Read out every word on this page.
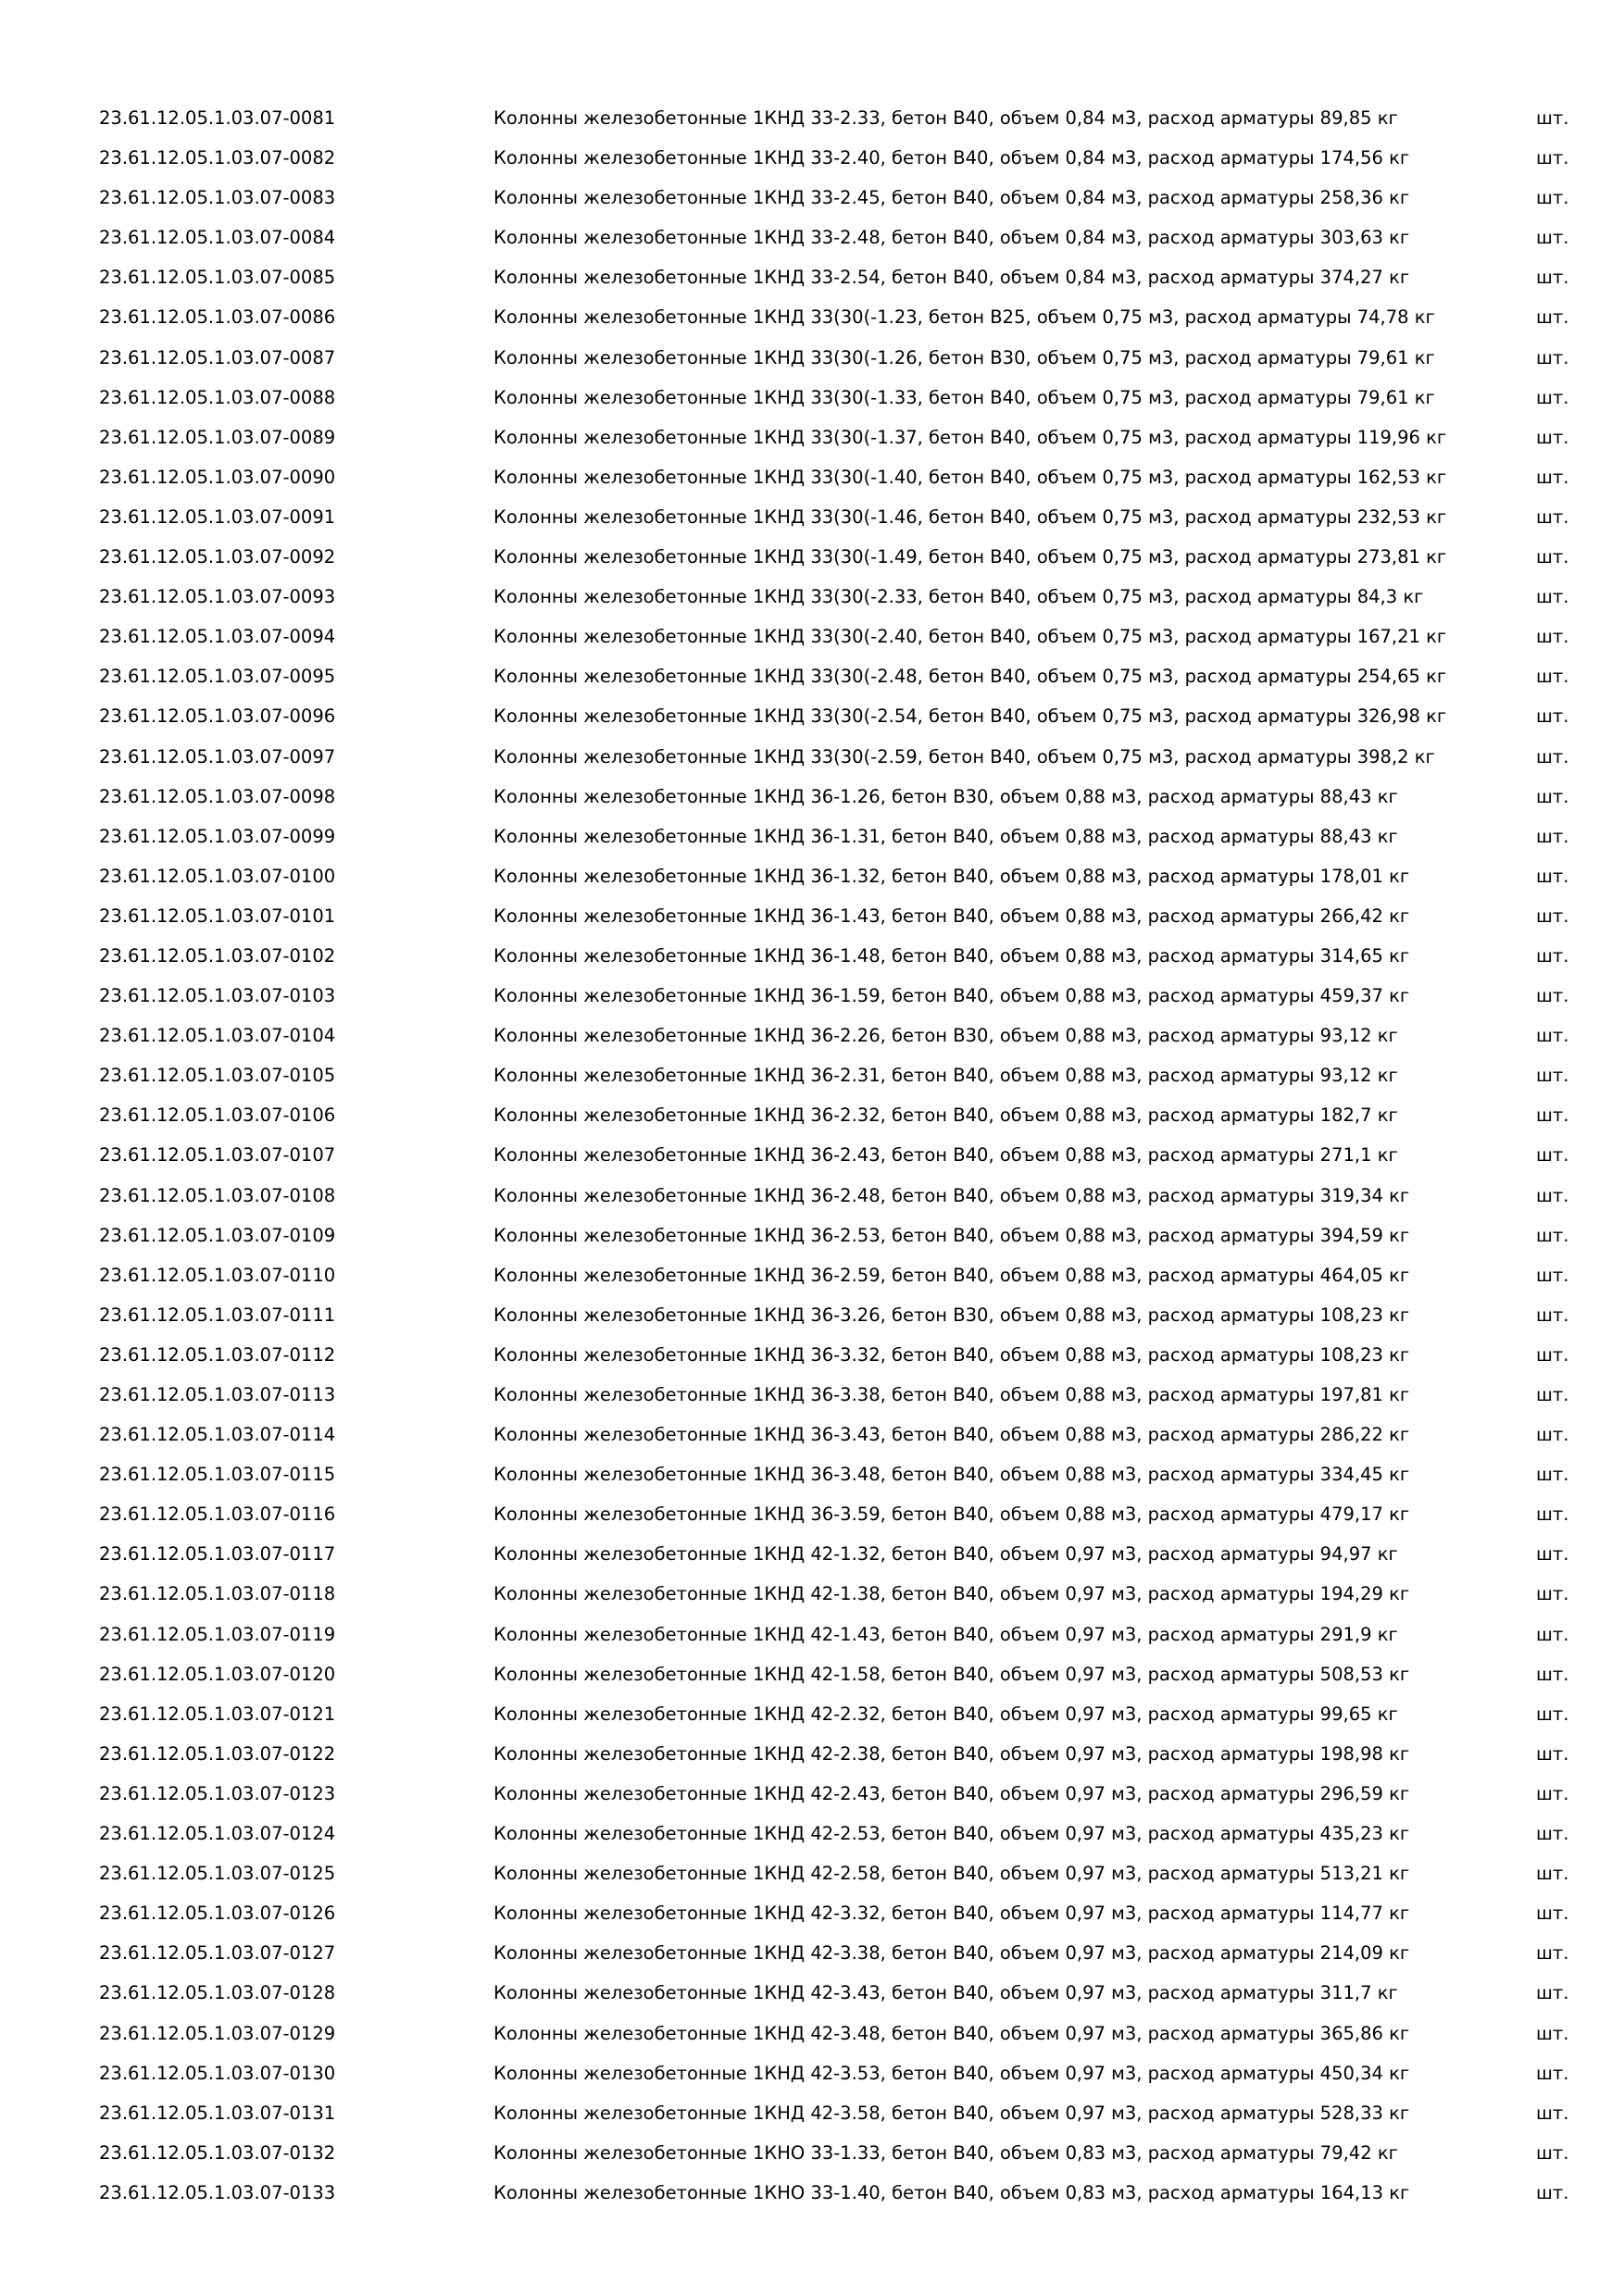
23.61.12.05.1.03.07-0081	Колонны железобетонные 1КНД 33-2.33, бетон В40, объем 0,84 м3, расход арматуры 89,85 кг	шт.
23.61.12.05.1.03.07-0082	Колонны железобетонные 1КНД 33-2.40, бетон В40, объем 0,84 м3, расход арматуры 174,56 кг	шт.
23.61.12.05.1.03.07-0083	Колонны железобетонные 1КНД 33-2.45, бетон В40, объем 0,84 м3, расход арматуры 258,36 кг	шт.
23.61.12.05.1.03.07-0084	Колонны железобетонные 1КНД 33-2.48, бетон В40, объем 0,84 м3, расход арматуры 303,63 кг	шт.
23.61.12.05.1.03.07-0085	Колонны железобетонные 1КНД 33-2.54, бетон В40, объем 0,84 м3, расход арматуры 374,27 кг	шт.
23.61.12.05.1.03.07-0086	Колонны железобетонные 1КНД 33(30(-1.23, бетон В25, объем 0,75 м3, расход арматуры 74,78 кг	шт.
23.61.12.05.1.03.07-0087	Колонны железобетонные 1КНД 33(30(-1.26, бетон В30, объем 0,75 м3, расход арматуры 79,61 кг	шт.
23.61.12.05.1.03.07-0088	Колонны железобетонные 1КНД 33(30(-1.33, бетон В40, объем 0,75 м3, расход арматуры 79,61 кг	шт.
23.61.12.05.1.03.07-0089	Колонны железобетонные 1КНД 33(30(-1.37, бетон В40, объем 0,75 м3, расход арматуры 119,96 кг	шт.
23.61.12.05.1.03.07-0090	Колонны железобетонные 1КНД 33(30(-1.40, бетон В40, объем 0,75 м3, расход арматуры 162,53 кг	шт.
23.61.12.05.1.03.07-0091	Колонны железобетонные 1КНД 33(30(-1.46, бетон В40, объем 0,75 м3, расход арматуры 232,53 кг	шт.
23.61.12.05.1.03.07-0092	Колонны железобетонные 1КНД 33(30(-1.49, бетон В40, объем 0,75 м3, расход арматуры 273,81 кг	шт.
23.61.12.05.1.03.07-0093	Колонны железобетонные 1КНД 33(30(-2.33, бетон В40, объем 0,75 м3, расход арматуры 84,3 кг	шт.
23.61.12.05.1.03.07-0094	Колонны железобетонные 1КНД 33(30(-2.40, бетон В40, объем 0,75 м3, расход арматуры 167,21 кг	шт.
23.61.12.05.1.03.07-0095	Колонны железобетонные 1КНД 33(30(-2.48, бетон В40, объем 0,75 м3, расход арматуры 254,65 кг	шт.
23.61.12.05.1.03.07-0096	Колонны железобетонные 1КНД 33(30(-2.54, бетон В40, объем 0,75 м3, расход арматуры 326,98 кг	шт.
23.61.12.05.1.03.07-0097	Колонны железобетонные 1КНД 33(30(-2.59, бетон В40, объем 0,75 м3, расход арматуры 398,2 кг	шт.
23.61.12.05.1.03.07-0098	Колонны железобетонные 1КНД 36-1.26, бетон В30, объем 0,88 м3, расход арматуры 88,43 кг	шт.
23.61.12.05.1.03.07-0099	Колонны железобетонные 1КНД 36-1.31, бетон В40, объем 0,88 м3, расход арматуры 88,43 кг	шт.
23.61.12.05.1.03.07-0100	Колонны железобетонные 1КНД 36-1.32, бетон В40, объем 0,88 м3, расход арматуры 178,01 кг	шт.
23.61.12.05.1.03.07-0101	Колонны железобетонные 1КНД 36-1.43, бетон В40, объем 0,88 м3, расход арматуры 266,42 кг	шт.
23.61.12.05.1.03.07-0102	Колонны железобетонные 1КНД 36-1.48, бетон В40, объем 0,88 м3, расход арматуры 314,65 кг	шт.
23.61.12.05.1.03.07-0103	Колонны железобетонные 1КНД 36-1.59, бетон В40, объем 0,88 м3, расход арматуры 459,37 кг	шт.
23.61.12.05.1.03.07-0104	Колонны железобетонные 1КНД 36-2.26, бетон В30, объем 0,88 м3, расход арматуры 93,12 кг	шт.
23.61.12.05.1.03.07-0105	Колонны железобетонные 1КНД 36-2.31, бетон В40, объем 0,88 м3, расход арматуры 93,12 кг	шт.
23.61.12.05.1.03.07-0106	Колонны железобетонные 1КНД 36-2.32, бетон В40, объем 0,88 м3, расход арматуры 182,7 кг	шт.
23.61.12.05.1.03.07-0107	Колонны железобетонные 1КНД 36-2.43, бетон В40, объем 0,88 м3, расход арматуры 271,1 кг	шт.
23.61.12.05.1.03.07-0108	Колонны железобетонные 1КНД 36-2.48, бетон В40, объем 0,88 м3, расход арматуры 319,34 кг	шт.
23.61.12.05.1.03.07-0109	Колонны железобетонные 1КНД 36-2.53, бетон В40, объем 0,88 м3, расход арматуры 394,59 кг	шт.
23.61.12.05.1.03.07-0110	Колонны железобетонные 1КНД 36-2.59, бетон В40, объем 0,88 м3, расход арматуры 464,05 кг	шт.
23.61.12.05.1.03.07-0111	Колонны железобетонные 1КНД 36-3.26, бетон В30, объем 0,88 м3, расход арматуры 108,23 кг	шт.
23.61.12.05.1.03.07-0112	Колонны железобетонные 1КНД 36-3.32, бетон В40, объем 0,88 м3, расход арматуры 108,23 кг	шт.
23.61.12.05.1.03.07-0113	Колонны железобетонные 1КНД 36-3.38, бетон В40, объем 0,88 м3, расход арматуры 197,81 кг	шт.
23.61.12.05.1.03.07-0114	Колонны железобетонные 1КНД 36-3.43, бетон В40, объем 0,88 м3, расход арматуры 286,22 кг	шт.
23.61.12.05.1.03.07-0115	Колонны железобетонные 1КНД 36-3.48, бетон В40, объем 0,88 м3, расход арматуры 334,45 кг	шт.
23.61.12.05.1.03.07-0116	Колонны железобетонные 1КНД 36-3.59, бетон В40, объем 0,88 м3, расход арматуры 479,17 кг	шт.
23.61.12.05.1.03.07-0117	Колонны железобетонные 1КНД 42-1.32, бетон В40, объем 0,97 м3, расход арматуры 94,97 кг	шт.
23.61.12.05.1.03.07-0118	Колонны железобетонные 1КНД 42-1.38, бетон В40, объем 0,97 м3, расход арматуры 194,29 кг	шт.
23.61.12.05.1.03.07-0119	Колонны железобетонные 1КНД 42-1.43, бетон В40, объем 0,97 м3, расход арматуры 291,9 кг	шт.
23.61.12.05.1.03.07-0120	Колонны железобетонные 1КНД 42-1.58, бетон В40, объем 0,97 м3, расход арматуры 508,53 кг	шт.
23.61.12.05.1.03.07-0121	Колонны железобетонные 1КНД 42-2.32, бетон В40, объем 0,97 м3, расход арматуры 99,65 кг	шт.
23.61.12.05.1.03.07-0122	Колонны железобетонные 1КНД 42-2.38, бетон В40, объем 0,97 м3, расход арматуры 198,98 кг	шт.
23.61.12.05.1.03.07-0123	Колонны железобетонные 1КНД 42-2.43, бетон В40, объем 0,97 м3, расход арматуры 296,59 кг	шт.
23.61.12.05.1.03.07-0124	Колонны железобетонные 1КНД 42-2.53, бетон В40, объем 0,97 м3, расход арматуры 435,23 кг	шт.
23.61.12.05.1.03.07-0125	Колонны железобетонные 1КНД 42-2.58, бетон В40, объем 0,97 м3, расход арматуры 513,21 кг	шт.
23.61.12.05.1.03.07-0126	Колонны железобетонные 1КНД 42-3.32, бетон В40, объем 0,97 м3, расход арматуры 114,77 кг	шт.
23.61.12.05.1.03.07-0127	Колонны железобетонные 1КНД 42-3.38, бетон В40, объем 0,97 м3, расход арматуры 214,09 кг	шт.
23.61.12.05.1.03.07-0128	Колонны железобетонные 1КНД 42-3.43, бетон В40, объем 0,97 м3, расход арматуры 311,7 кг	шт.
23.61.12.05.1.03.07-0129	Колонны железобетонные 1КНД 42-3.48, бетон В40, объем 0,97 м3, расход арматуры 365,86 кг	шт.
23.61.12.05.1.03.07-0130	Колонны железобетонные 1КНД 42-3.53, бетон В40, объем 0,97 м3, расход арматуры 450,34 кг	шт.
23.61.12.05.1.03.07-0131	Колонны железобетонные 1КНД 42-3.58, бетон В40, объем 0,97 м3, расход арматуры 528,33 кг	шт.
23.61.12.05.1.03.07-0132	Колонны железобетонные 1КНО 33-1.33, бетон В40, объем 0,83 м3, расход арматуры 79,42 кг	шт.
23.61.12.05.1.03.07-0133	Колонны железобетонные 1КНО 33-1.40, бетон В40, объем 0,83 м3, расход арматуры 164,13 кг	шт.
